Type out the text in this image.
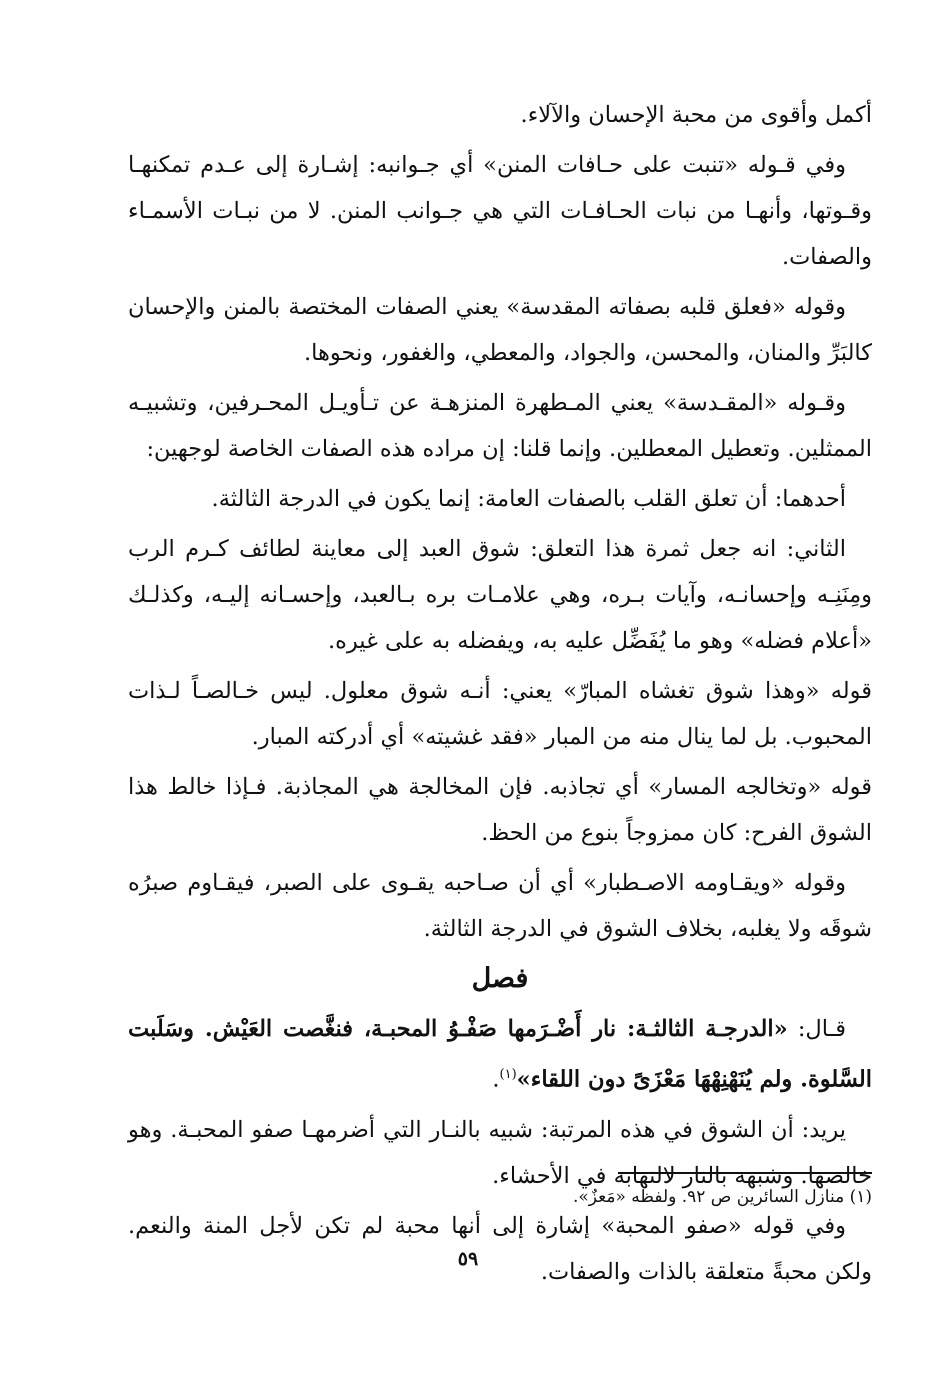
أكمل وأقوى من محبة الإحسان والآلاء.

وفي قـوله «تنبت على حـافات المنن» أي جـوانبه: إشـارة إلى عـدم تمكنهـا وقـوتها، وأنهـا من نبات الحـافـات التي هي جـوانب المنن. لا من نبـات الأسمـاء والصفات.

وقوله «فعلق قلبه بصفاته المقدسة» يعني الصفات المختصة بالمنن والإحسان كالبَرِّ والمنان، والمحسن، والجواد، والمعطي، والغفور، ونحوها.

وقـوله «المقـدسة» يعني المـطهرة المنزهـة عن تـأويـل المحـرفين، وتشبيـه الممثلين. وتعطيل المعطلين. وإنما قلنا: إن مراده هذه الصفات الخاصة لوجهين:

أحدهما: أن تعلق القلب بالصفات العامة: إنما يكون في الدرجة الثالثة.

الثاني: انه جعل ثمرة هذا التعلق: شوق العبد إلى معاينة لطائف كـرم الرب ومِنَنِـه وإحسانـه، وآيات بـره، وهي علامـات بره بـالعبد، وإحسـانه إليـه، وكذلـك «أعلام فضله» وهو ما يُفَضِّل عليه به، ويفضله به على غيره.

قوله «وهذا شوق تغشاه المبارّ» يعني: أنـه شوق معلول. ليس خـالصـاً لـذات المحبوب. بل لما ينال منه من المبار «فقد غشيته» أي أدركته المبار.

قوله «وتخالجه المسار» أي تجاذبه. فإن المخالجة هي المجاذبة. فـإذا خالط هذا الشوق الفرح: كان ممزوجاً بنوع من الحظ.

وقوله «ويقـاومه الاصـطبار» أي أن صـاحبه يقـوى على الصبر، فيقـاوم صبرُه شوقَه ولا يغلبه، بخلاف الشوق في الدرجة الثالثة.

فصل

قـال: «الدرجـة الثالثـة: نار أَضْـرَمها صَفْـوُ المحبـة، فنغَّصت العَيْش. وسَلَبت السَّلوة. ولم يُنَهْنِهْهَا مَعْزَىً دون اللقاء»$^{(١)}$.

يريد: أن الشوق في هذه المرتبة: شبيه بالنـار التي أضرمهـا صفو المحبـة. وهو خالصها. وشبهه بالنار لالتهابه في الأحشاء.

وفي قوله «صفو المحبة» إشارة إلى أنها محبة لم تكن لأجل المنة والنعم. ولكن محبةً متعلقة بالذات والصفات.

(١) منازل السائرين ص ٩٢. ولفظه «مَعزٌ».
٥٩
